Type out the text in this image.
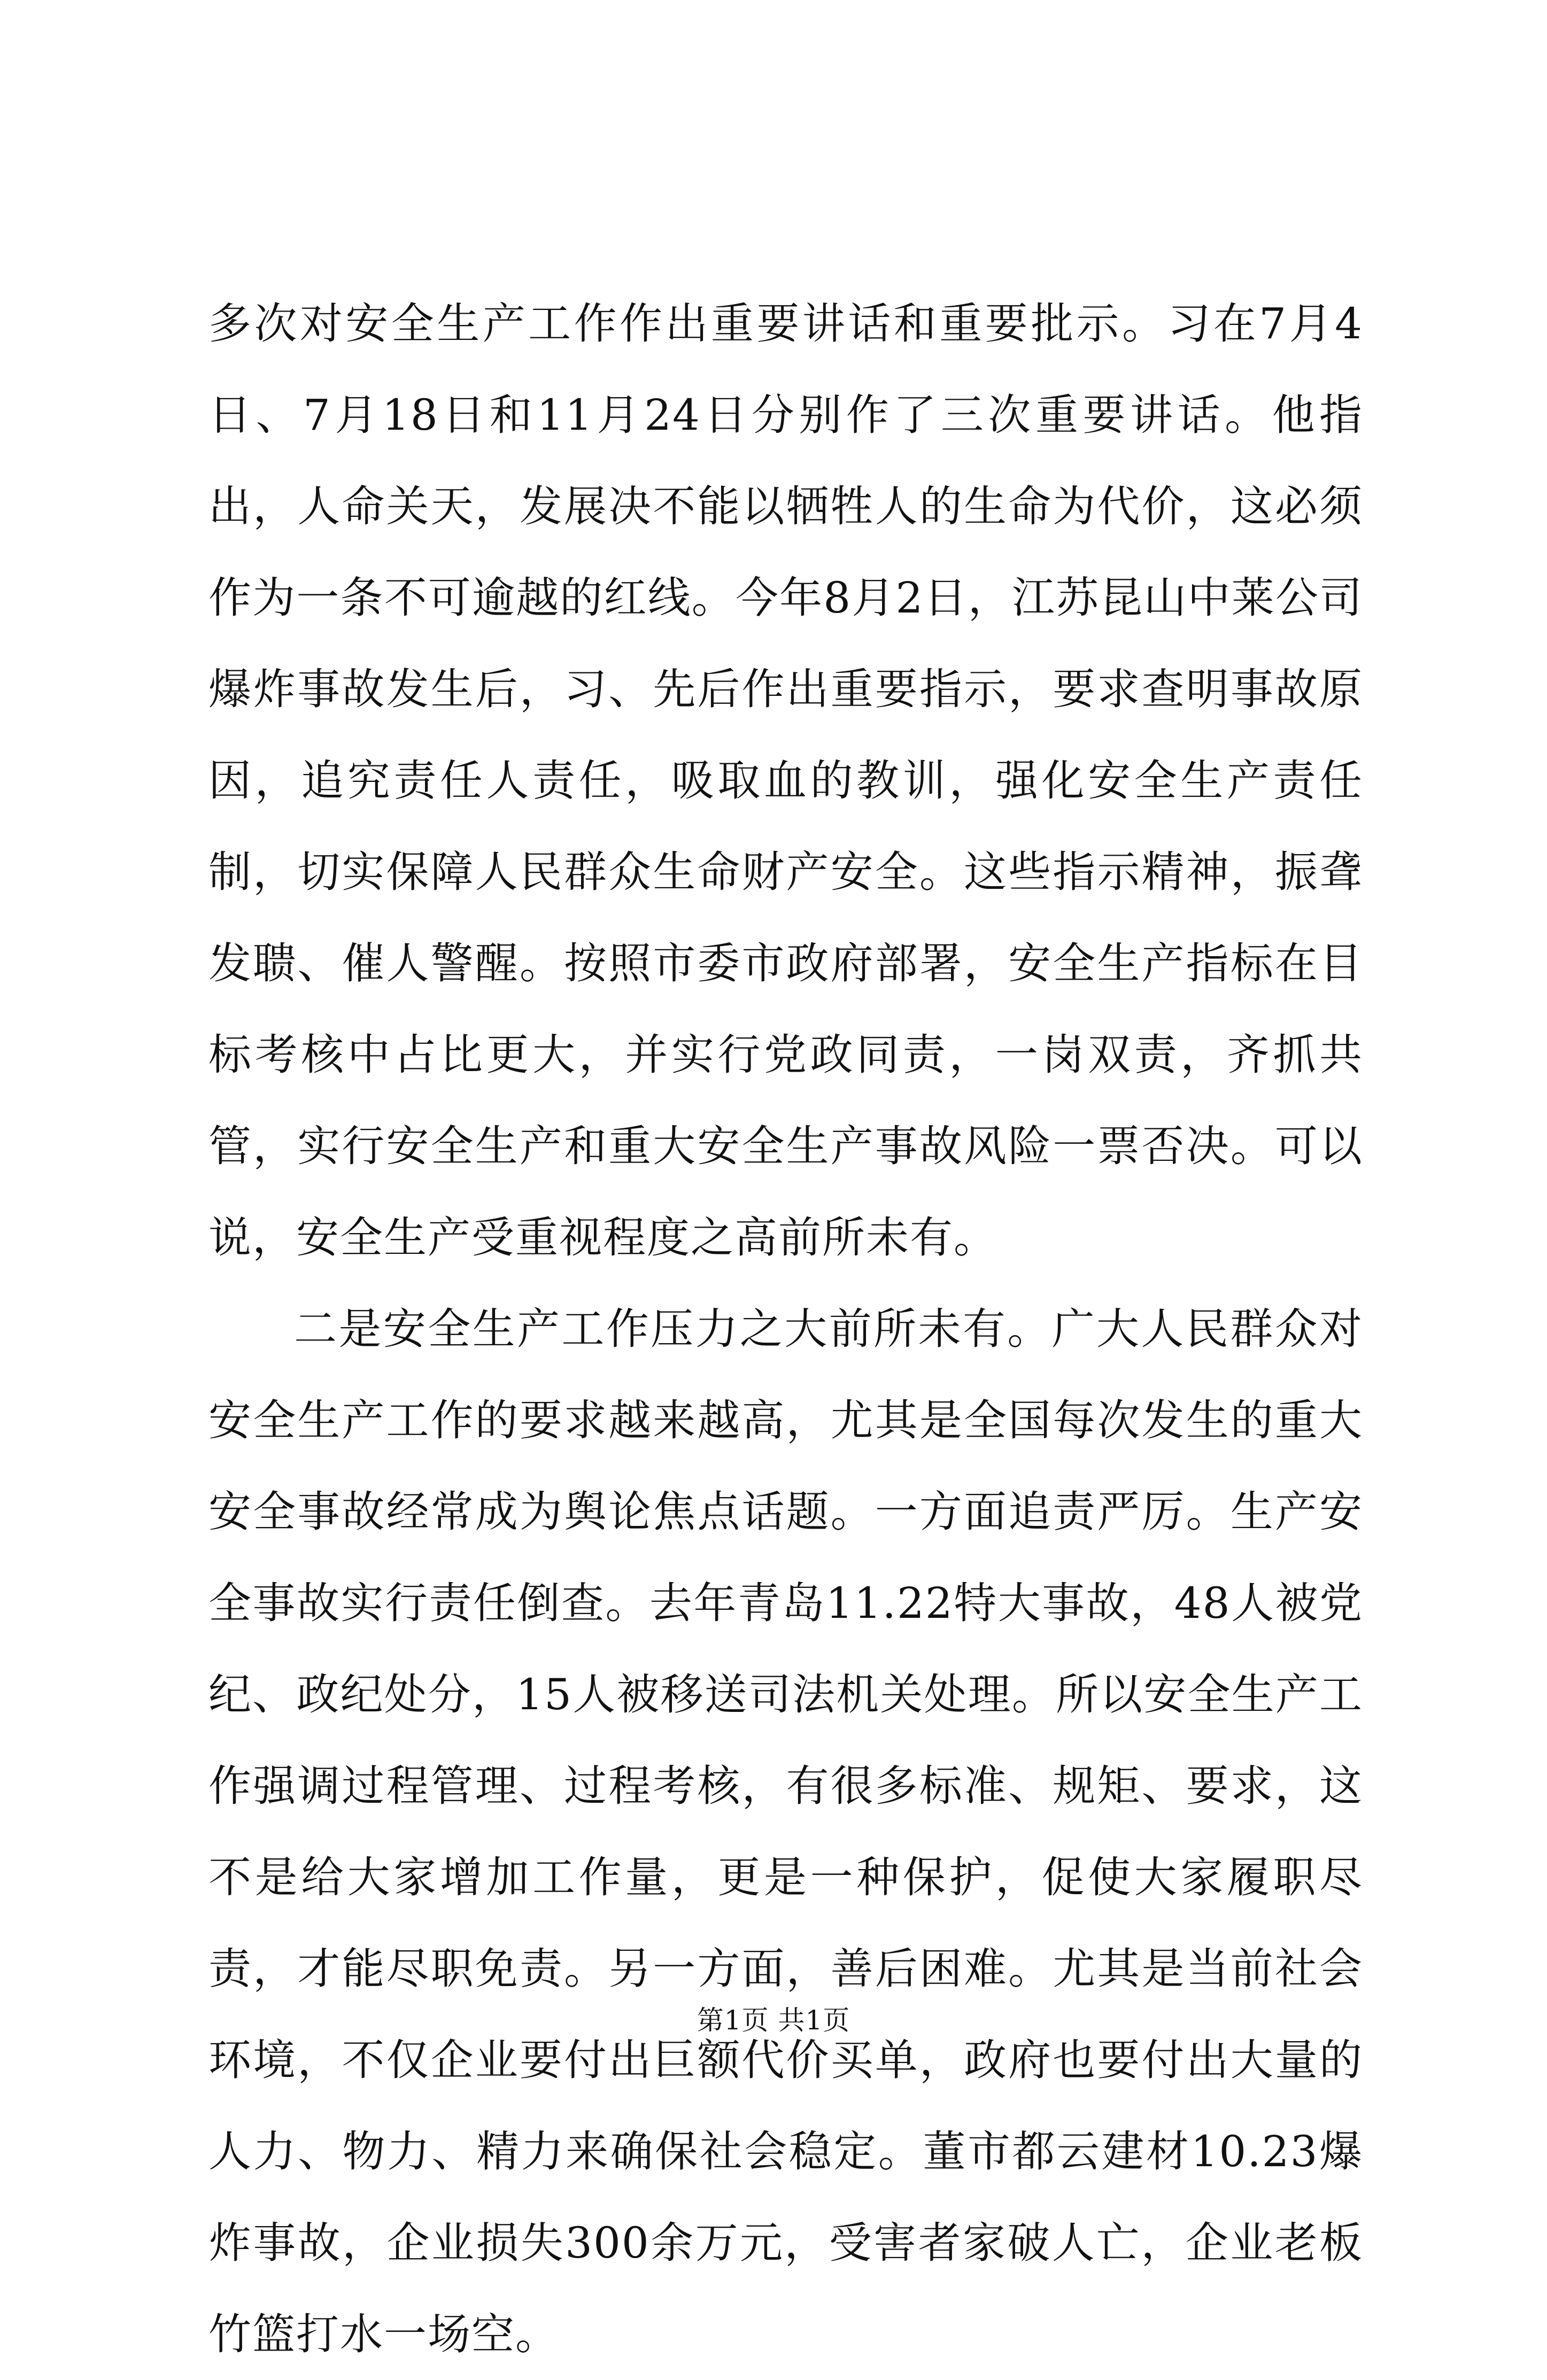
多次对安全生产工作作出重要讲话和重要批示。习在7月4日、7月18日和11月24日分别作了三次重要讲话。他指出，人命关天，发展决不能以牺牲人的生命为代价，这必须作为一条不可逾越的红线。今年8月2日，江苏昆山中莱公司爆炸事故发生后，习、先后作出重要指示，要求查明事故原因，追究责任人责任，吸取血的教训，强化安全生产责任制，切实保障人民群众生命财产安全。这些指示精神，振聋发聩、催人警醒。按照市委市政府部署，安全生产指标在目标考核中占比更大，并实行党政同责，一岗双责，齐抓共管，实行安全生产和重大安全生产事故风险一票否决。可以说，安全生产受重视程度之高前所未有。

二是安全生产工作压力之大前所未有。广大人民群众对安全生产工作的要求越来越高，尤其是全国每次发生的重大安全事故经常成为舆论焦点话题。一方面追责严厉。生产安全事故实行责任倒查。去年青岛11.22特大事故，48人被党纪、政纪处分，15人被移送司法机关处理。所以安全生产工作强调过程管理、过程考核，有很多标准、规矩、要求，这不是给大家增加工作量，更是一种保护，促使大家履职尽责，才能尽职免责。另一方面，善后困难。尤其是当前社会环境，不仅企业要付出巨额代价买单，政府也要付出大量的人力、物力、精力来确保社会稳定。董市都云建材10.23爆炸事故，企业损失300余万元，受害者家破人亡，企业老板竹篮打水一场空。

第1页 共1页
